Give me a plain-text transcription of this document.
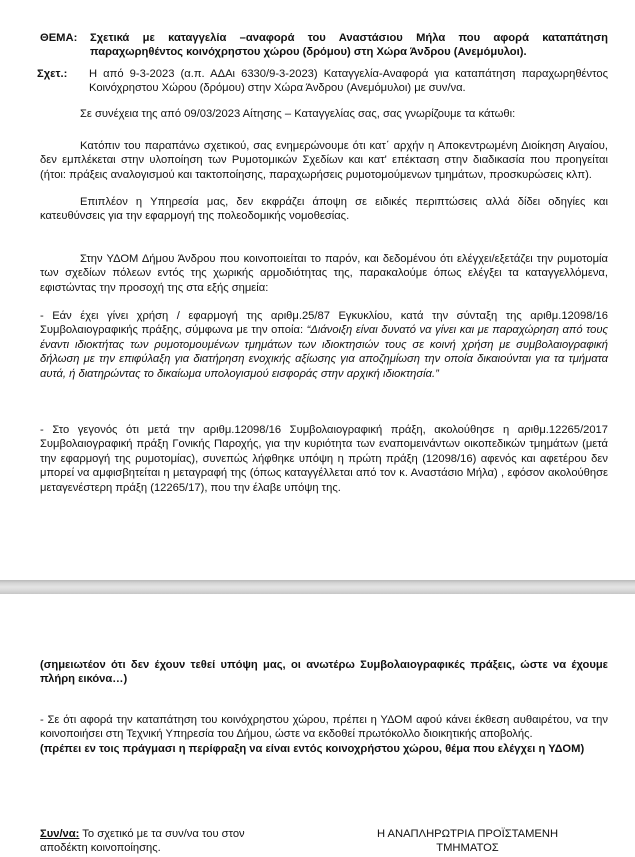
ΘΕΜΑ:	Σχετικά με καταγγελία –αναφορά του Αναστάσιου Μήλα που αφορά καταπάτηση παραχωρηθέντος κοινόχρηστου χώρου (δρόμου) στη Χώρα Άνδρου (Ανεμόμυλοι).
Σχετ.:	Η από 9-3-2023 (α.π. ΑΔΑι 6330/9-3-2023) Καταγγελία-Αναφορά για καταπάτηση παραχωρηθέντος Κοινόχρηστου Χώρου (δρόμου) στην Χώρα Άνδρου (Ανεμόμυλοι) με συν/να.
Σε συνέχεια της από 09/03/2023 Αίτησης – Καταγγελίας σας, σας γνωρίζουμε τα κάτωθι:
Κατόπιν του παραπάνω σχετικού, σας ενημερώνουμε ότι κατ΄ αρχήν η Αποκεντρωμένη Διοίκηση Αιγαίου, δεν εμπλέκεται στην υλοποίηση των Ρυμοτομικών Σχεδίων και κατ' επέκταση στην διαδικασία που προηγείται (ήτοι: πράξεις αναλογισμού και τακτοποίησης, παραχωρήσεις ρυμοτομούμενων τμημάτων, προσκυρώσεις κλπ).
Επιπλέον η Υπηρεσία μας, δεν εκφράζει άποψη σε ειδικές περιπτώσεις αλλά δίδει οδηγίες και κατευθύνσεις για την εφαρμογή της πολεοδομικής νομοθεσίας.
Στην ΥΔΟΜ Δήμου Άνδρου που κοινοποιείται το παρόν, και δεδομένου ότι ελέγχει/εξετάζει την ρυμοτομία των σχεδίων πόλεων εντός της χωρικής αρμοδιότητας της, παρακαλούμε όπως ελέγξει τα καταγγελλόμενα, εφιστώντας την προσοχή της στα εξής σημεία:
- Εάν έχει γίνει χρήση / εφαρμογή της αριθμ.25/87 Εγκυκλίου, κατά την σύνταξη της αριθμ.12098/16 Συμβολαιογραφικής πράξης, σύμφωνα με την οποία: “Διάνοιξη είναι δυνατό να γίνει και με παραχώρηση από τους έναντι ιδιοκτήτας των ρυμοτομουμένων τμημάτων των ιδιοκτησιών τους σε κοινή χρήση με συμβολαιογραφική δήλωση με την επιφύλαξη για διατήρηση ενοχικής αξίωσης για αποζημίωση την οποία δικαιούνται για τα τμήματα αυτά, ή διατηρώντας το δικαίωμα υπολογισμού εισφοράς στην αρχική ιδιοκτησία.”
- Στο γεγονός ότι μετά την αριθμ.12098/16 Συμβολαιογραφική πράξη, ακολούθησε η αριθμ.12265/2017 Συμβολαιογραφική πράξη Γονικής Παροχής, για την κυριότητα των εναπομεινάντων οικοπεδικών τμημάτων (μετά την εφαρμογή της ρυμοτομίας), συνεπώς λήφθηκε υπόψη η πρώτη πράξη (12098/16) αφενός και αφετέρου δεν μπορεί να αμφισβητείται η μεταγραφή της (όπως καταγγέλλεται από τον κ. Αναστάσιο Μήλα) , εφόσον ακολούθησε μεταγενέστερη πράξη (12265/17), που την έλαβε υπόψη της.
(σημειωτέον ότι δεν έχουν τεθεί υπόψη μας, οι ανωτέρω Συμβολαιογραφικές πράξεις, ώστε να έχουμε πλήρη εικόνα…)
- Σε ότι αφορά την καταπάτηση του κοινόχρηστου χώρου, πρέπει η ΥΔΟΜ αφού κάνει έκθεση αυθαιρέτου, να την κοινοποιήσει στη Τεχνική Υπηρεσία του Δήμου, ώστε να εκδοθεί πρωτόκολλο διοικητικής αποβολής.
(πρέπει εν τοις πράγμασι η περίφραξη να είναι εντός κοινοχρήστου χώρου, θέμα που ελέγχει η ΥΔΟΜ)
Συν/να: Το σχετικό με τα συν/να του στον αποδέκτη κοινοποίησης.
Η ΑΝΑΠΛΗΡΩΤΡΙΑ ΠΡΟΪΣΤΑΜΕΝΗ
ΤΜΗΜΑΤΟΣ
